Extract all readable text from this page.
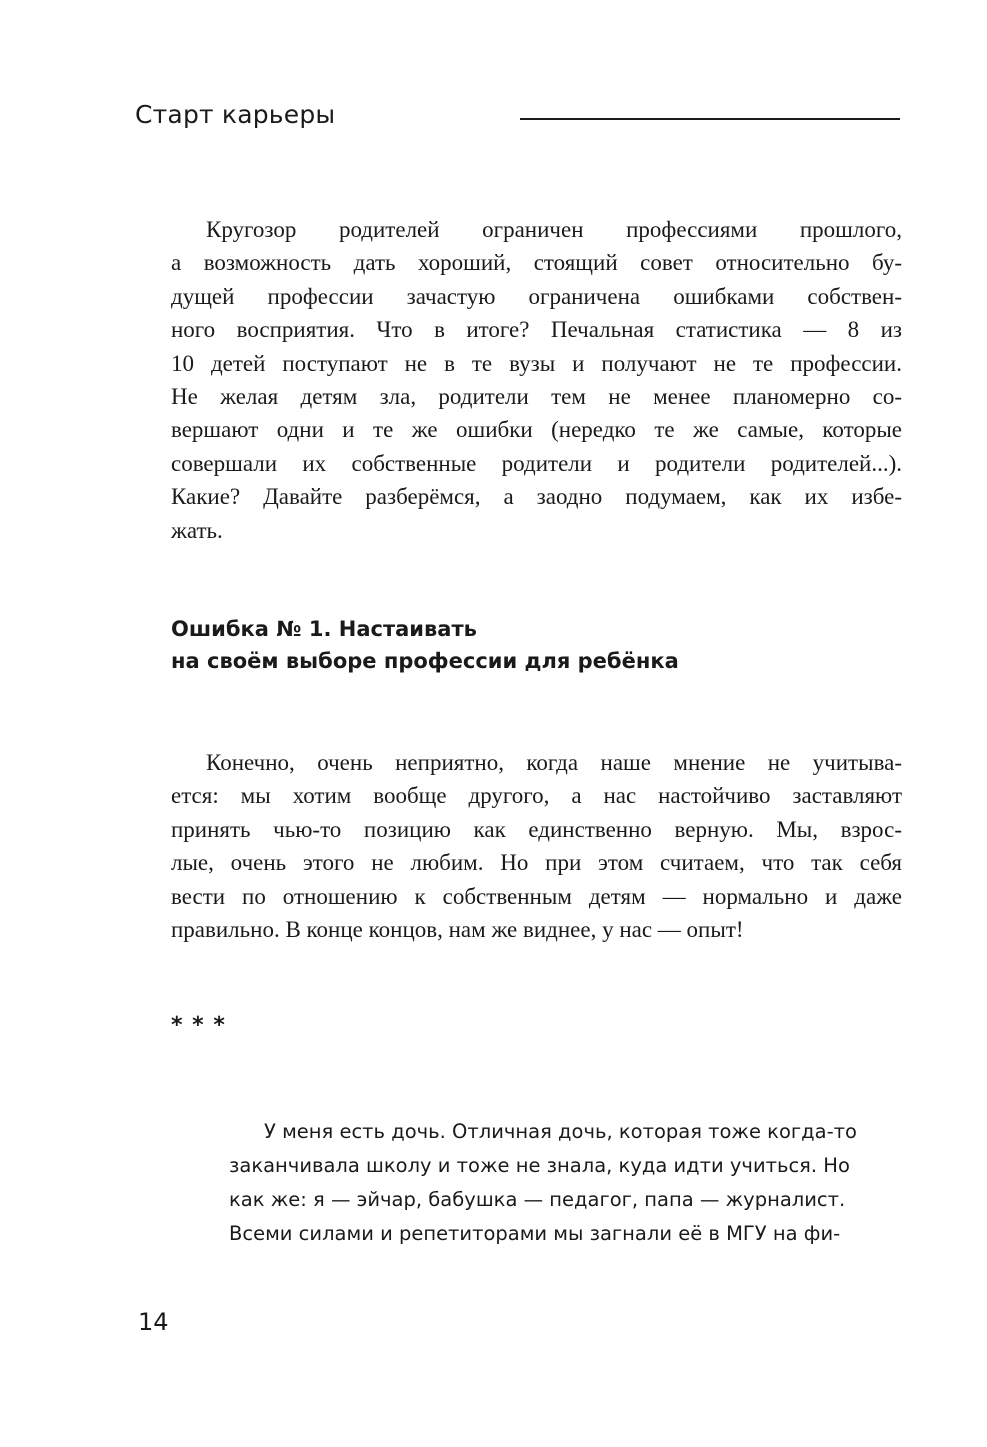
Старт карьеры
Кругозор родителей ограничен профессиями прошлого,
а возможность дать хороший, стоящий совет относительно бу-
дущей профессии зачастую ограничена ошибками собствен-
ного восприятия. Что в итоге? Печальная статистика — 8 из
10 детей поступают не в те вузы и получают не те профессии.
Не желая детям зла, родители тем не менее планомерно со-
вершают одни и те же ошибки (нередко те же самые, которые
совершали их собственные родители и родители родителей...).
Какие? Давайте разберёмся, а заодно подумаем, как их избе-
жать.
Ошибка № 1. Настаивать
на своём выборе профессии для ребёнка
Конечно, очень неприятно, когда наше мнение не учитыва-
ется: мы хотим вообще другого, а нас настойчиво заставляют
принять чью-то позицию как единственно верную. Мы, взрос-
лые, очень этого не любим. Но при этом считаем, что так себя
вести по отношению к собственным детям — нормально и даже
правильно. В конце концов, нам же виднее, у нас — опыт!
* * *
У меня есть дочь. Отличная дочь, которая тоже когда-то
заканчивала школу и тоже не знала, куда идти учиться. Но
как же: я — эйчар, бабушка — педагог, папа — журналист.
Всеми силами и репетиторами мы загнали её в МГУ на фи-
14
